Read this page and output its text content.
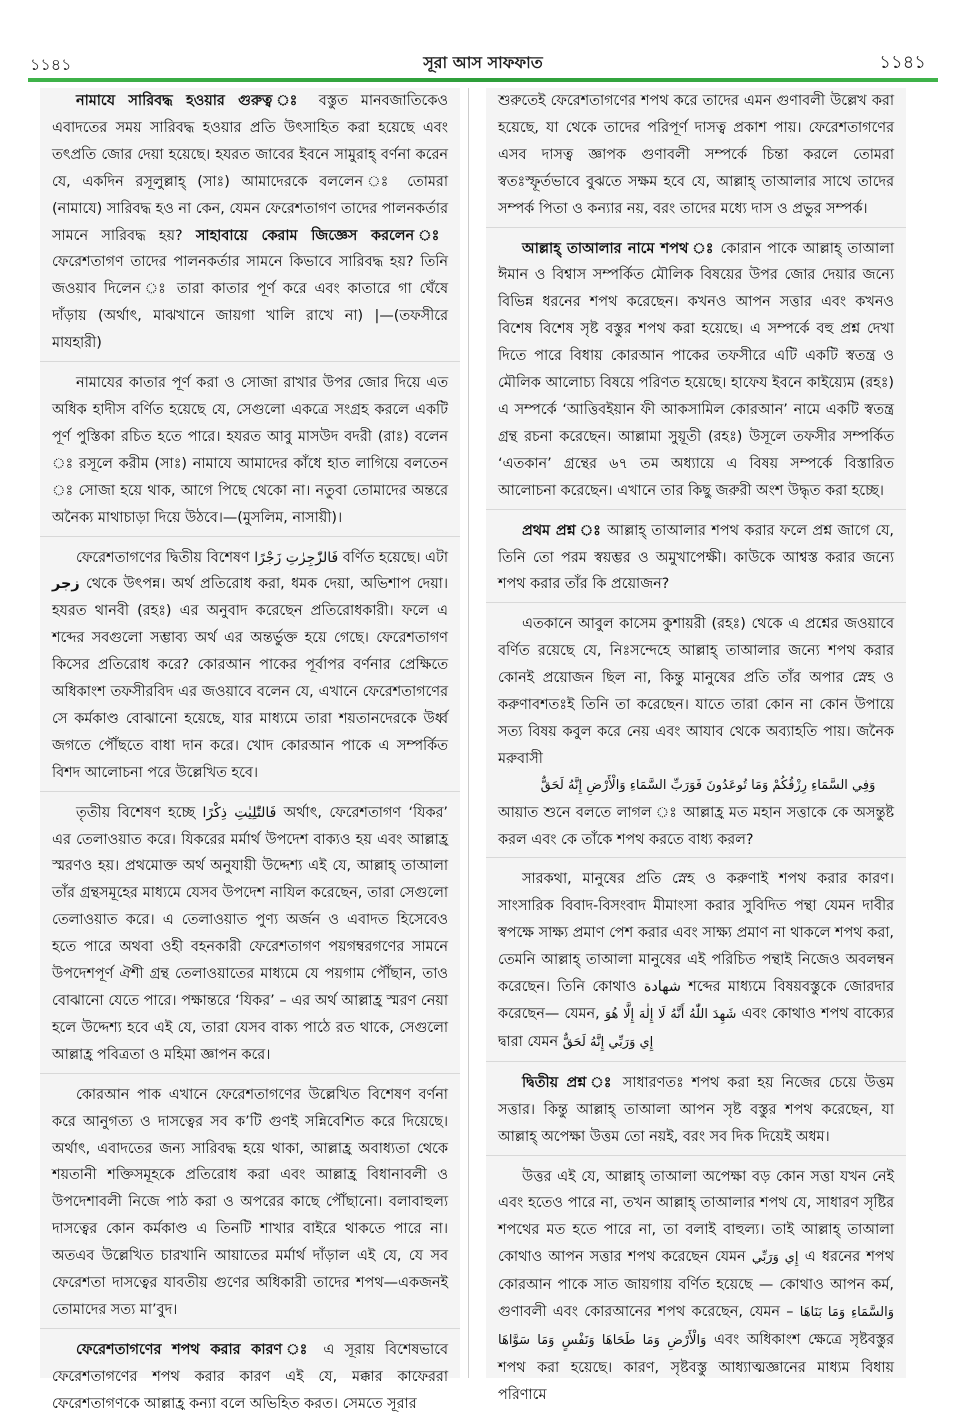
১১৪১	সূরা আস সাফফাত	১১৪১

নামাযে সারিবদ্ধ হওয়ার গুরুত্ব ঃ বস্তুত মানবজাতিকেও এবাদতের সময় সারিবদ্ধ হওয়ার প্রতি উৎসাহিত করা হয়েছে এবং তৎপ্রতি জোর দেয়া হয়েছে। হযরত জাবের ইবনে সামুরাহ্ বর্ণনা করেন যে, একদিন রসূলুল্লাহ্ (সাঃ) আমাদেরকে বললেন ঃ তোমরা (নামাযে) সারিবদ্ধ হও না কেন, যেমন ফেরেশতাগণ তাদের পালনকর্তার সামনে সারিবদ্ধ হয়? সাহাবায়ে কেরাম জিজ্ঞেস করলেন ঃ ফেরেশতাগণ তাদের পালনকর্তার সামনে কিভাবে সারিবদ্ধ হয়? তিনি জওয়াব দিলেন ঃ তারা কাতার পূর্ণ করে এবং কাতারে গা ঘেঁষে দাঁড়ায় (অর্থাৎ, মাঝখানে জায়গা খালি রাখে না) |—(তফসীরে মাযহারী)

নামাযের কাতার পূর্ণ করা ও সোজা রাখার উপর জোর দিয়ে এত অধিক হাদীস বর্ণিত হয়েছে যে, সেগুলো একত্রে সংগ্রহ করলে একটি পূর্ণ পুস্তিকা রচিত হতে পারে। হযরত আবু মাসউদ বদরী (রাঃ) বলেন ঃ রসূলে করীম (সাঃ) নামাযে আমাদের কাঁধে হাত লাগিয়ে বলতেন ঃ সোজা হয়ে থাক, আগে পিছে থেকো না। নতুবা তোমাদের অন্তরে অনৈক্য মাথাচাড়া দিয়ে উঠবে।—(মুসলিম, নাসায়ী)।

ফেরেশতাগণের দ্বিতীয় বিশেষণ فَالزّٰجِرٰتِ زَجْرًا বর্ণিত হয়েছে। এটা زجر থেকে উৎপন্ন। অর্থ প্রতিরোধ করা, ধমক দেয়া, অভিশাপ দেয়া। হযরত থানবী (রহঃ) এর অনুবাদ করেছেন প্রতিরোধকারী। ফলে এ শব্দের সবগুলো সম্ভাব্য অর্থ এর অন্তর্ভুক্ত হয়ে গেছে। ফেরেশতাগণ কিসের প্রতিরোধ করে? কোরআন পাকের পূর্বাপর বর্ণনার প্রেক্ষিতে অধিকাংশ তফসীরবিদ এর জওয়াবে বলেন যে, এখানে ফেরেশতাগণের সে কর্মকাণ্ড বোঝানো হয়েছে, যার মাধ্যমে তারা শয়তানদেরকে উর্ধ্ব জগতে পৌঁছতে বাধা দান করে। খোদ কোরআন পাকে এ সম্পর্কিত বিশদ আলোচনা পরে উল্লেখিত হবে।

তৃতীয় বিশেষণ হচ্ছে فَالتّٰلِيٰتِ ذِكْرًا অর্থাৎ, ফেরেশতাগণ ‘যিকর’ এর তেলাওয়াত করে। যিকরের মর্মার্থ উপদেশ বাক্যও হয় এবং আল্লাহ্র স্মরণও হয়। প্রথমোক্ত অর্থ অনুযায়ী উদ্দেশ্য এই যে, আল্লাহ্ তাআলা তাঁর গ্রন্থসমূহের মাধ্যমে যেসব উপদেশ নাযিল করেছেন, তারা সেগুলো তেলাওয়াত করে। এ তেলাওয়াত পুণ্য অর্জন ও এবাদত হিসেবেও হতে পারে অথবা ওহী বহনকারী ফেরেশতাগণ পয়গম্বরগণের সামনে উপদেশপূর্ণ ঐশী গ্রন্থ তেলাওয়াতের মাধ্যমে যে পয়গাম পৌঁছান, তাও বোঝানো যেতে পারে। পক্ষান্তরে ‘যিকর’ – এর অর্থ আল্লাহ্র স্মরণ নেয়া হলে উদ্দেশ্য হবে এই যে, তারা যেসব বাক্য পাঠে রত থাকে, সেগুলো আল্লাহ্র পবিত্রতা ও মহিমা জ্ঞাপন করে।

কোরআন পাক এখানে ফেরেশতাগণের উল্লেখিত বিশেষণ বর্ণনা করে আনুগত্য ও দাসত্বের সব ক’টি গুণই সন্নিবেশিত করে দিয়েছে। অর্থাৎ, এবাদতের জন্য সারিবদ্ধ হয়ে থাকা, আল্লাহ্র অবাধ্যতা থেকে শয়তানী শক্তিসমূহকে প্রতিরোধ করা এবং আল্লাহ্র বিধানাবলী ও উপদেশাবলী নিজে পাঠ করা ও অপরের কাছে পৌঁছানো। বলাবাহুল্য দাসত্বের কোন কর্মকাণ্ড এ তিনটি শাখার বাইরে থাকতে পারে না। অতএব উল্লেখিত চারখানি আয়াতের মর্মার্থ দাঁড়াল এই যে, যে সব ফেরেশতা দাসত্বের যাবতীয় গুণের অধিকারী তাদের শপথ—একজনই তোমাদের সত্য মা’বুদ।

ফেরেশতাগণের শপথ করার কারণ ঃ এ সূরায় বিশেষভাবে ফেরেশতাগণের শপথ করার কারণ এই যে, মক্কার কাফেররা ফেরেশতাগণকে আল্লাহ্র কন্যা বলে অভিহিত করত। সেমতে সূরার

শুরুতেই ফেরেশতাগণের শপথ করে তাদের এমন গুণাবলী উল্লেখ করা হয়েছে, যা থেকে তাদের পরিপূর্ণ দাসত্ব প্রকাশ পায়। ফেরেশতাগণের এসব দাসত্ব জ্ঞাপক গুণাবলী সম্পর্কে চিন্তা করলে তোমরা স্বতঃস্ফূর্তভাবে বুঝতে সক্ষম হবে যে, আল্লাহ্ তাআলার সাথে তাদের সম্পর্ক পিতা ও কন্যার নয়, বরং তাদের মধ্যে দাস ও প্রভুর সম্পর্ক।

আল্লাহ্ তাআলার নামে শপথ ঃ কোরান পাকে আল্লাহ্ তাআলা ঈমান ও বিশ্বাস সম্পর্কিত মৌলিক বিষয়ের উপর জোর দেয়ার জন্যে বিভিন্ন ধরনের শপথ করেছেন। কখনও আপন সত্তার এবং কখনও বিশেষ বিশেষ সৃষ্ট বস্তুর শপথ করা হয়েছে। এ সম্পর্কে বহু প্রশ্ন দেখা দিতে পারে বিধায় কোরআন পাকের তফসীরে এটি একটি স্বতন্ত্র ও মৌলিক আলোচ্য বিষয়ে পরিণত হয়েছে। হাফেয ইবনে কাইয়্যেম (রহঃ) এ সম্পর্কে ‘আত্তিবইয়ান ফী আকসামিল কোরআন’ নামে একটি স্বতন্ত্র গ্রন্থ রচনা করেছেন। আল্লামা সুয়ূতী (রহঃ) উসূলে তফসীর সম্পর্কিত ‘এতকান’ গ্রন্থের ৬৭ তম অধ্যায়ে এ বিষয় সম্পর্কে বিস্তারিত আলোচনা করেছেন। এখানে তার কিছু জরুরী অংশ উদ্ধৃত করা হচ্ছে।

প্রথম প্রশ্ন ঃ আল্লাহ্ তাআলার শপথ করার ফলে প্রশ্ন জাগে যে, তিনি তো পরম স্বয়ম্ভর ও অমুখাপেক্ষী। কাউকে আশ্বস্ত করার জন্যে শপথ করার তাঁর কি প্রয়োজন?

এতকানে আবুল কাসেম কুশায়রী (রহঃ) থেকে এ প্রশ্নের জওয়াবে বর্ণিত রয়েছে যে, নিঃসন্দেহে আল্লাহ্ তাআলার জন্যে শপথ করার কোনই প্রয়োজন ছিল না, কিন্তু মানুষের প্রতি তাঁর অপার স্নেহ ও করুণাবশতঃই তিনি তা করেছেন। যাতে তারা কোন না কোন উপায়ে সত্য বিষয় কবুল করে নেয় এবং আযাব থেকে অব্যাহতি পায়। জনৈক মরুবাসী
وَفِي السَّمَاءِ رِزْقُكُمْ وَمَا تُوعَدُونَ فَوَرَبِّ السَّمَاءِ وَالْأَرْضِ إِنَّهُ لَحَقٌّ
আয়াত শুনে বলতে লাগল ঃ আল্লাহ্র মত মহান সত্তাকে কে অসন্তুষ্ট করল এবং কে তাঁকে শপথ করতে বাধ্য করল?

সারকথা, মানুষের প্রতি স্নেহ ও করুণাই শপথ করার কারণ। সাংসারিক বিবাদ-বিসংবাদ মীমাংসা করার সুবিদিত পন্থা যেমন দাবীর স্বপক্ষে সাক্ষ্য প্রমাণ পেশ করার এবং সাক্ষ্য প্রমাণ না থাকলে শপথ করা, তেমনি আল্লাহ্ তাআলা মানুষের এই পরিচিত পন্থাই নিজেও অবলম্বন করেছেন। তিনি কোথাও شهادة শব্দের মাধ্যমে বিষয়বস্তুকে জোরদার করেছেন— যেমন, شَهِدَ اللّٰهُ أَنَّهُ لَا إِلٰهَ إِلَّا هُوَ এবং কোথাও শপথ বাক্যের দ্বারা যেমন إِي وَرَبِّي إِنَّهُ لَحَقٌّ

দ্বিতীয় প্রশ্ন ঃ সাধারণতঃ শপথ করা হয় নিজের চেয়ে উত্তম সত্তার। কিন্তু আল্লাহ্ তাআলা আপন সৃষ্ট বস্তুর শপথ করেছেন, যা আল্লাহ্ অপেক্ষা উত্তম তো নয়ই, বরং সব দিক দিয়েই অধম।

উত্তর এই যে, আল্লাহ্ তাআলা অপেক্ষা বড় কোন সত্তা যখন নেই এবং হতেও পারে না, তখন আল্লাহ্ তাআলার শপথ যে, সাধারণ সৃষ্টির শপথের মত হতে পারে না, তা বলাই বাহুল্য। তাই আল্লাহ্ তাআলা কোথাও আপন সত্তার শপথ করেছেন যেমন إِي وَرَبِّي এ ধরনের শপথ কোরআন পাকে সাত জায়গায় বর্ণিত হয়েছে — কোথাও আপন কর্ম, গুণাবলী এবং কোরআনের শপথ করেছেন, যেমন – وَالسَّمَاءِ وَمَا بَنَاهَا وَالْأَرْضِ وَمَا طَحَاهَا وَنَفْسٍ وَمَا سَوَّاهَا এবং অধিকাংশ ক্ষেত্রে সৃষ্টবস্তুর শপথ করা হয়েছে। কারণ, সৃষ্টবস্তু আধ্যাত্মজ্ঞানের মাধ্যম বিধায় পরিণামে
